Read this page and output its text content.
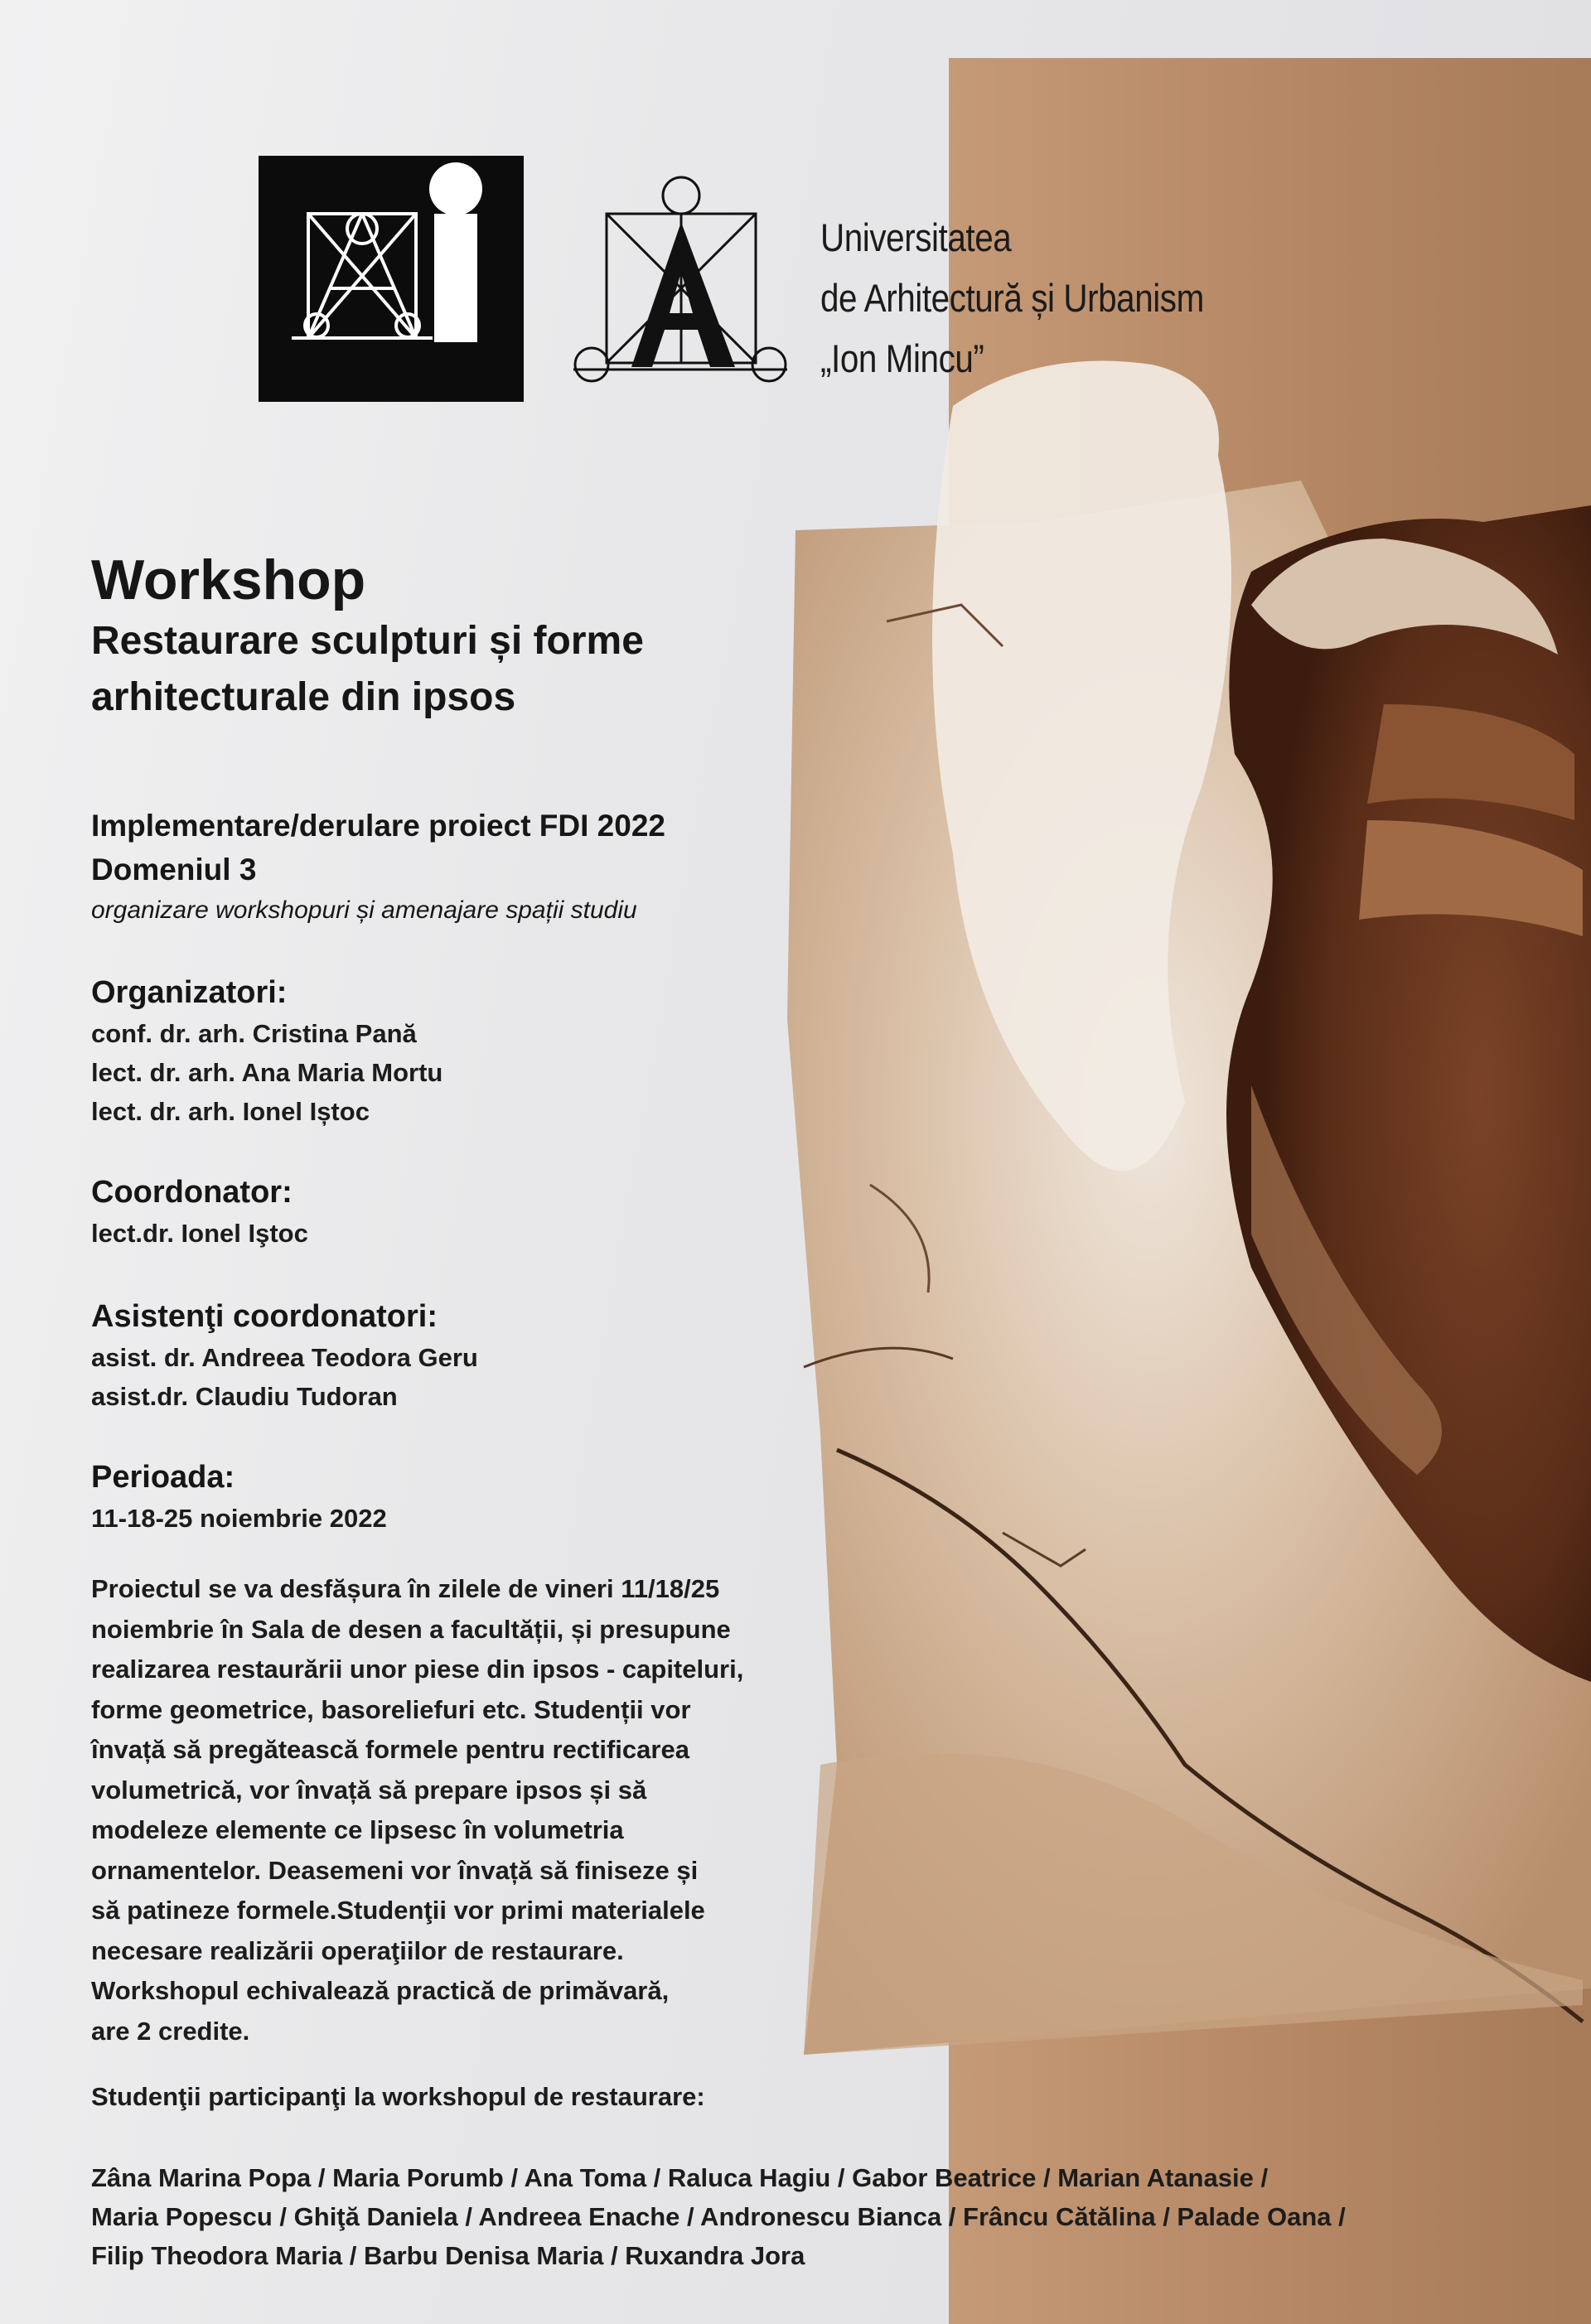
Universitatea
de Arhitectură și Urbanism
„Ion Mincu”
Workshop
Restaurare sculpturi și forme
arhitecturale din ipsos
Implementare/derulare proiect FDI 2022
Domeniul 3
organizare workshopuri și amenajare spații studiu
Organizatori:
conf. dr. arh. Cristina Pană
lect. dr. arh. Ana Maria Mortu
lect. dr. arh. Ionel Iștoc
Coordonator:
lect.dr. Ionel Iştoc
Asistenţi coordonatori:
asist. dr. Andreea Teodora Geru
asist.dr. Claudiu Tudoran
Perioada:
11-18-25 noiembrie 2022
Proiectul se va desfășura în zilele de vineri 11/18/25
noiembrie în Sala de desen a facultății, și presupune
realizarea restaurării unor piese din ipsos - capiteluri,
forme geometrice, basoreliefuri etc. Studenții vor
învață să pregătească formele pentru rectificarea
volumetrică, vor învață să prepare ipsos și să
modeleze elemente ce lipsesc în volumetria
ornamentelor. Deasemeni vor învață să finiseze și
să patineze formele.Studenţii vor primi materialele
necesare realizării operaţiilor de restaurare.
Workshopul echivalează practică de primăvară,
are 2 credite.
Studenţii participanţi la workshopul de restaurare:
Zâna Marina Popa / Maria Porumb / Ana Toma / Raluca Hagiu / Gabor Beatrice / Marian Atanasie /
Maria Popescu / Ghiţă Daniela / Andreea Enache / Andronescu Bianca / Frâncu Cătălina / Palade Oana /
Filip Theodora Maria / Barbu Denisa Maria / Ruxandra Jora
